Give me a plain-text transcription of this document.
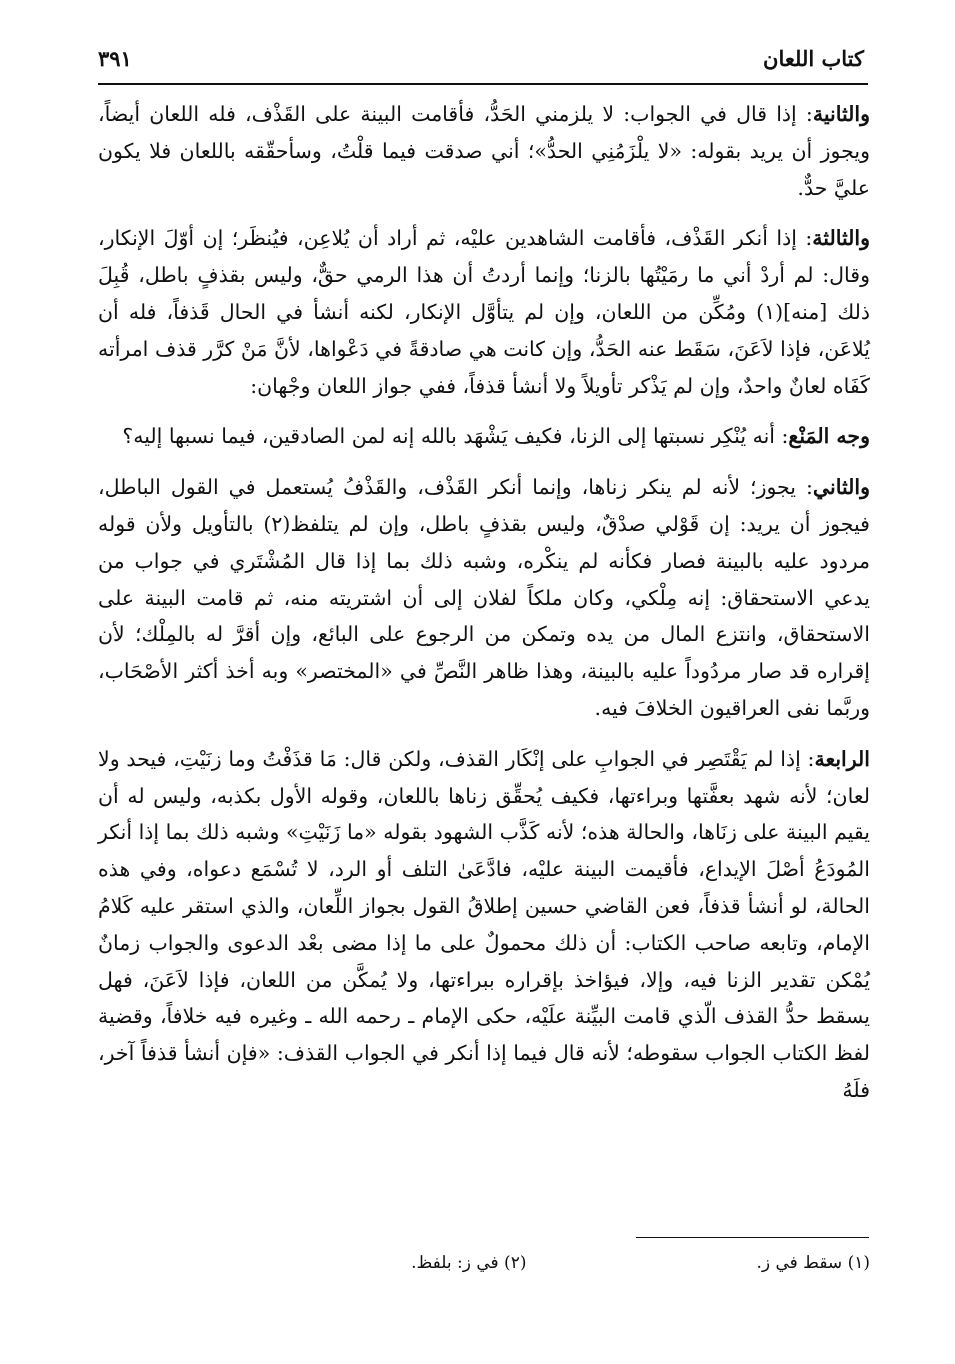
كتاب اللعان
٣٩١

والثانية: إذا قال في الجواب: لا يلزمني الحَدُّ، فأقامت البينة على القَذْف، فله اللعان أيضاً، ويجوز أن يريد بقوله: «لا يلْزَمُنِي الحدُّ»؛ أني صدقت فيما قلْتُ، وسأحقّقه باللعان فلا يكون عليَّ حدٌّ.

والثالثة: إذا أنكر القَذْف، فأقامت الشاهدين عليْه، ثم أراد أن يُلاعِن، فيُنظَر؛ إن أوّلَ الإنكار، وقال: لم أردْ أني ما رمَيْتُها بالزنا؛ وإنما أردتُ أن هذا الرمي حقٌّ، وليس بقذفٍ باطل، قُبِلَ ذلك [منه](١) ومُكِّن من اللعان، وإن لم يتأوَّل الإنكار، لكنه أنشأ في الحال قَذفاً، فله أن يُلاعَن، فإذا لاَعَنَ، سَقَط عنه الحَدُّ، وإن كانت هي صادقةً في دَعْواها، لأنَّ مَنْ كرَّر قذف امرأته كَفَاه لعانٌ واحدٌ، وإن لم يَذْكر تأويلاً ولا أنشأ قذفاً، ففي جواز اللعان وجْهان:

وجه المَنْع: أنه يُنْكِر نسبتها إلى الزنا، فكيف يَشْهَد بالله إنه لمن الصادقين، فيما نسبها إليه؟

والثاني: يجوز؛ لأنه لم ينكر زناها، وإنما أنكر القَذْف، والقَذْفُ يُستعمل في القول الباطل، فيجوز أن يريد: إن قَوْلي صدْقٌ، وليس بقذفٍ باطل، وإن لم يتلفظ(٢) بالتأويل ولأن قوله مردود عليه بالبينة فصار فكأنه لم ينكْره، وشبه ذلك بما إذا قال المُشْتَري في جواب من يدعي الاستحقاق: إنه مِلْكي، وكان ملكاً لفلان إلى أن اشتريته منه، ثم قامت البينة على الاستحقاق، وانتزع المال من يده وتمكن من الرجوع على البائع، وإن أقرَّ له بالمِلْك؛ لأن إقراره قد صار مردُوداً عليه بالبينة، وهذا ظاهر النَّصِّ في «المختصر» وبه أخذ أكثر الأصْحَاب، وربَّما نفى العراقيون الخلافَ فيه.

الرابعة: إذا لم يَقْتَصِر في الجوابِ على إنْكَار القذف، ولكن قال: مَا قذَفْتُ وما زنَيْتِ، فيحد ولا لعان؛ لأنه شهد بعفَّتها وبراءتها، فكيف يُحقِّق زناها باللعان، وقوله الأول بكذبه، وليس له أن يقيم البينة على زنَاها، والحالة هذه؛ لأنه كَذَّب الشهود بقوله «ما زَنَيْتِ» وشبه ذلك بما إذا أنكر المُودَعُ أصْلَ الإيداع، فأقيمت البينة عليْه، فادَّعَىٰ التلف أو الرد، لا تُسْمَع دعواه، وفي هذه الحالة، لو أنشأ قذفاً، فعن القاضي حسين إطلاقُ القول بجواز اللِّعان، والذي استقر عليه كَلامُ الإمام، وتابعه صاحب الكتاب: أن ذلك محمولٌ على ما إذا مضى بعْد الدعوى والجواب زمانٌ يُمْكن تقدير الزنا فيه، وإلا، فيؤاخذ بإقراره ببراءتها، ولا يُمكَّن من اللعان، فإذا لاَعَنَ، فهل يسقط حدُّ القذف الّذي قامت البيِّنة علَيْه، حكى الإمام ـ رحمه الله ـ وغيره فيه خلافاً، وقضية لفظ الكتاب الجواب سقوطه؛ لأنه قال فيما إذا أنكر في الجواب القذف: «فإن أنشأ قذفاً آخر، فلَهُ

(١) سقط في ز.
(٢) في ز: بلفظ.
